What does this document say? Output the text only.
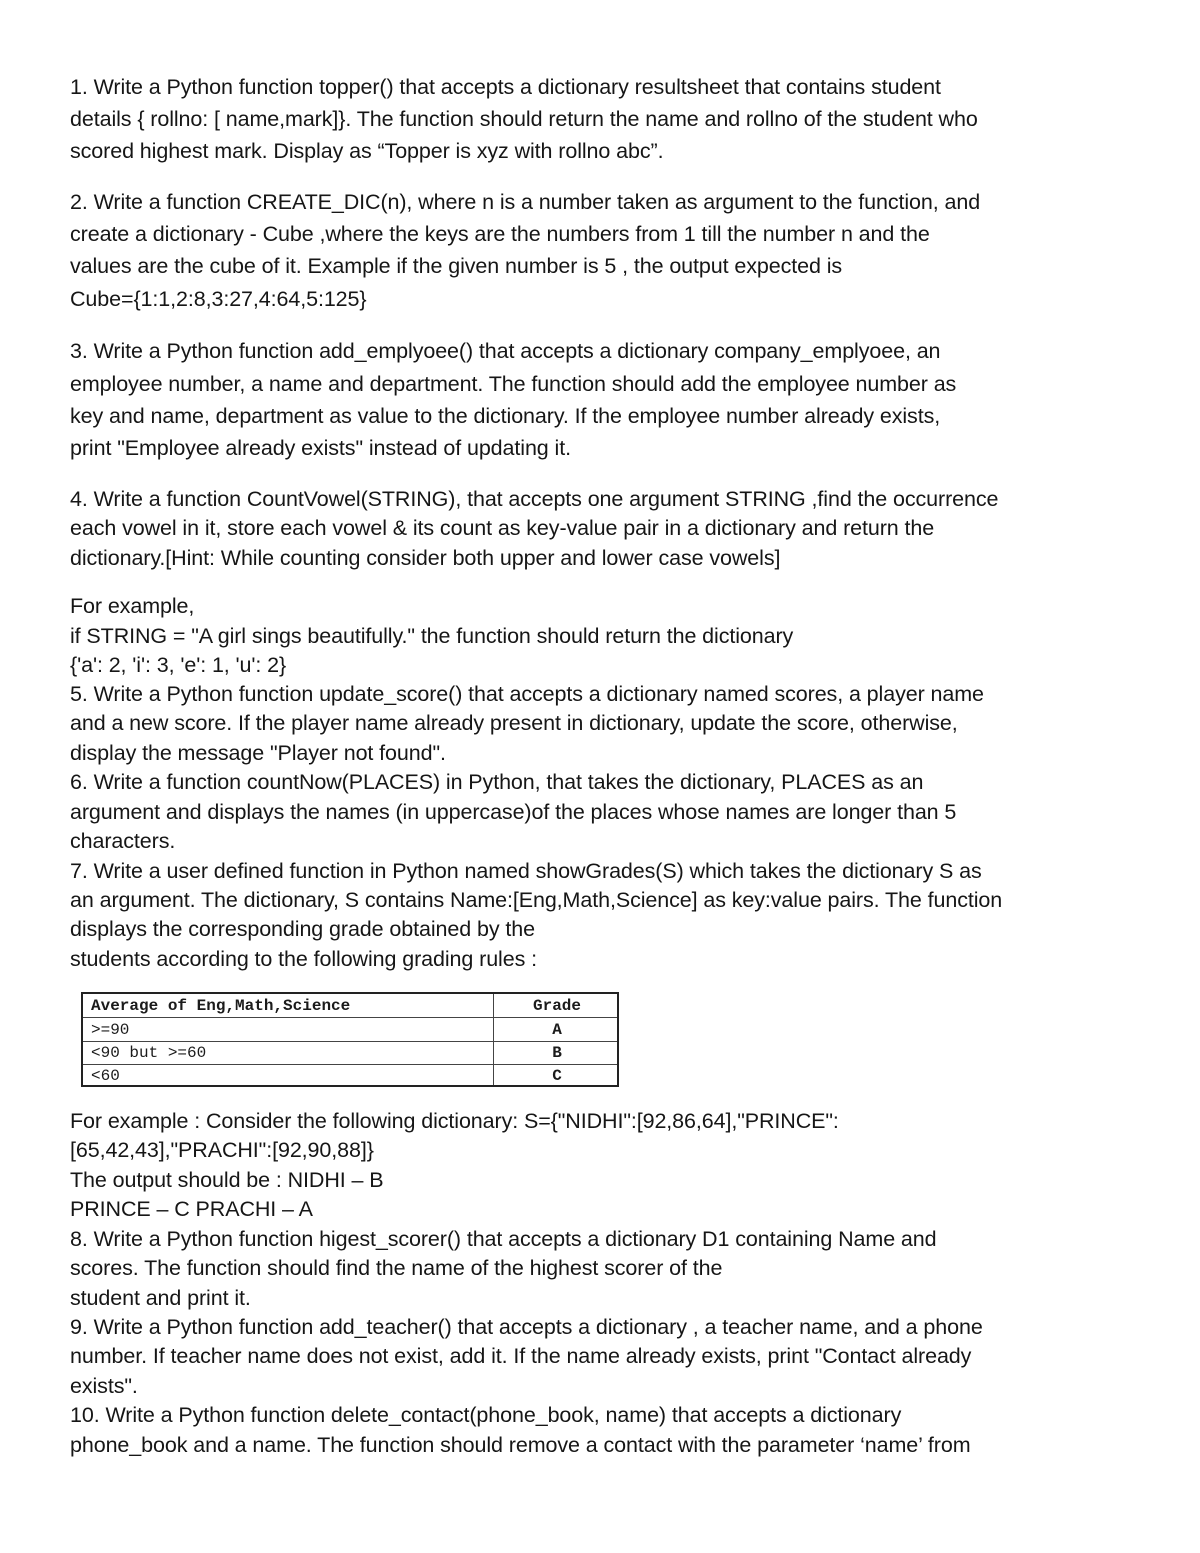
1. Write a Python function topper() that accepts a dictionary resultsheet that contains student
details { rollno: [ name,mark]}. The function should return the name and rollno of the student who
scored highest mark. Display as “Topper is xyz with rollno abc”.
2. Write a function CREATE_DIC(n), where n is a number taken as argument to the function, and
create a dictionary - Cube ,where the keys are the numbers from 1 till the number n and the
values are the cube of it. Example if the given number is 5 , the output expected is
Cube={1:1,2:8,3:27,4:64,5:125}
3. Write a Python function add_emplyoee() that accepts a dictionary company_emplyoee, an
employee number, a name and department. The function should add the employee number as
key and name, department as value to the dictionary. If the employee number already exists,
print "Employee already exists" instead of updating it.
4. Write a function CountVowel(STRING), that accepts one argument STRING ,find the occurrence
each vowel in it, store each vowel & its count as key-value pair in a dictionary and return the
dictionary.[Hint: While counting consider both upper and lower case vowels]
For example,
if STRING = "A girl sings beautifully." the function should return the dictionary
{'a': 2, 'i': 3, 'e': 1, 'u': 2}
5. Write a Python function update_score() that accepts a dictionary named scores, a player name
and a new score. If the player name already present in dictionary, update the score, otherwise,
display the message "Player not found".
6. Write a function countNow(PLACES) in Python, that takes the dictionary, PLACES as an
argument and displays the names (in uppercase)of the places whose names are longer than 5
characters.
7. Write a user defined function in Python named showGrades(S) which takes the dictionary S as
an argument. The dictionary, S contains Name:[Eng,Math,Science] as key:value pairs. The function
displays the corresponding grade obtained by the
students according to the following grading rules :
Average of Eng,Math,Science	Grade
>=90	A
<90 but >=60	B
<60	C
For example : Consider the following dictionary: S={"NIDHI":[92,86,64],"PRINCE":
[65,42,43],"PRACHI":[92,90,88]}
The output should be : NIDHI – B
PRINCE – C PRACHI – A
8. Write a Python function higest_scorer() that accepts a dictionary D1 containing Name and
scores. The function should find the name of the highest scorer of the
student and print it.
9. Write a Python function add_teacher() that accepts a dictionary , a teacher name, and a phone
number. If teacher name does not exist, add it. If the name already exists, print "Contact already
exists".
10. Write a Python function delete_contact(phone_book, name) that accepts a dictionary
phone_book and a name. The function should remove a contact with the parameter ‘name’ from
